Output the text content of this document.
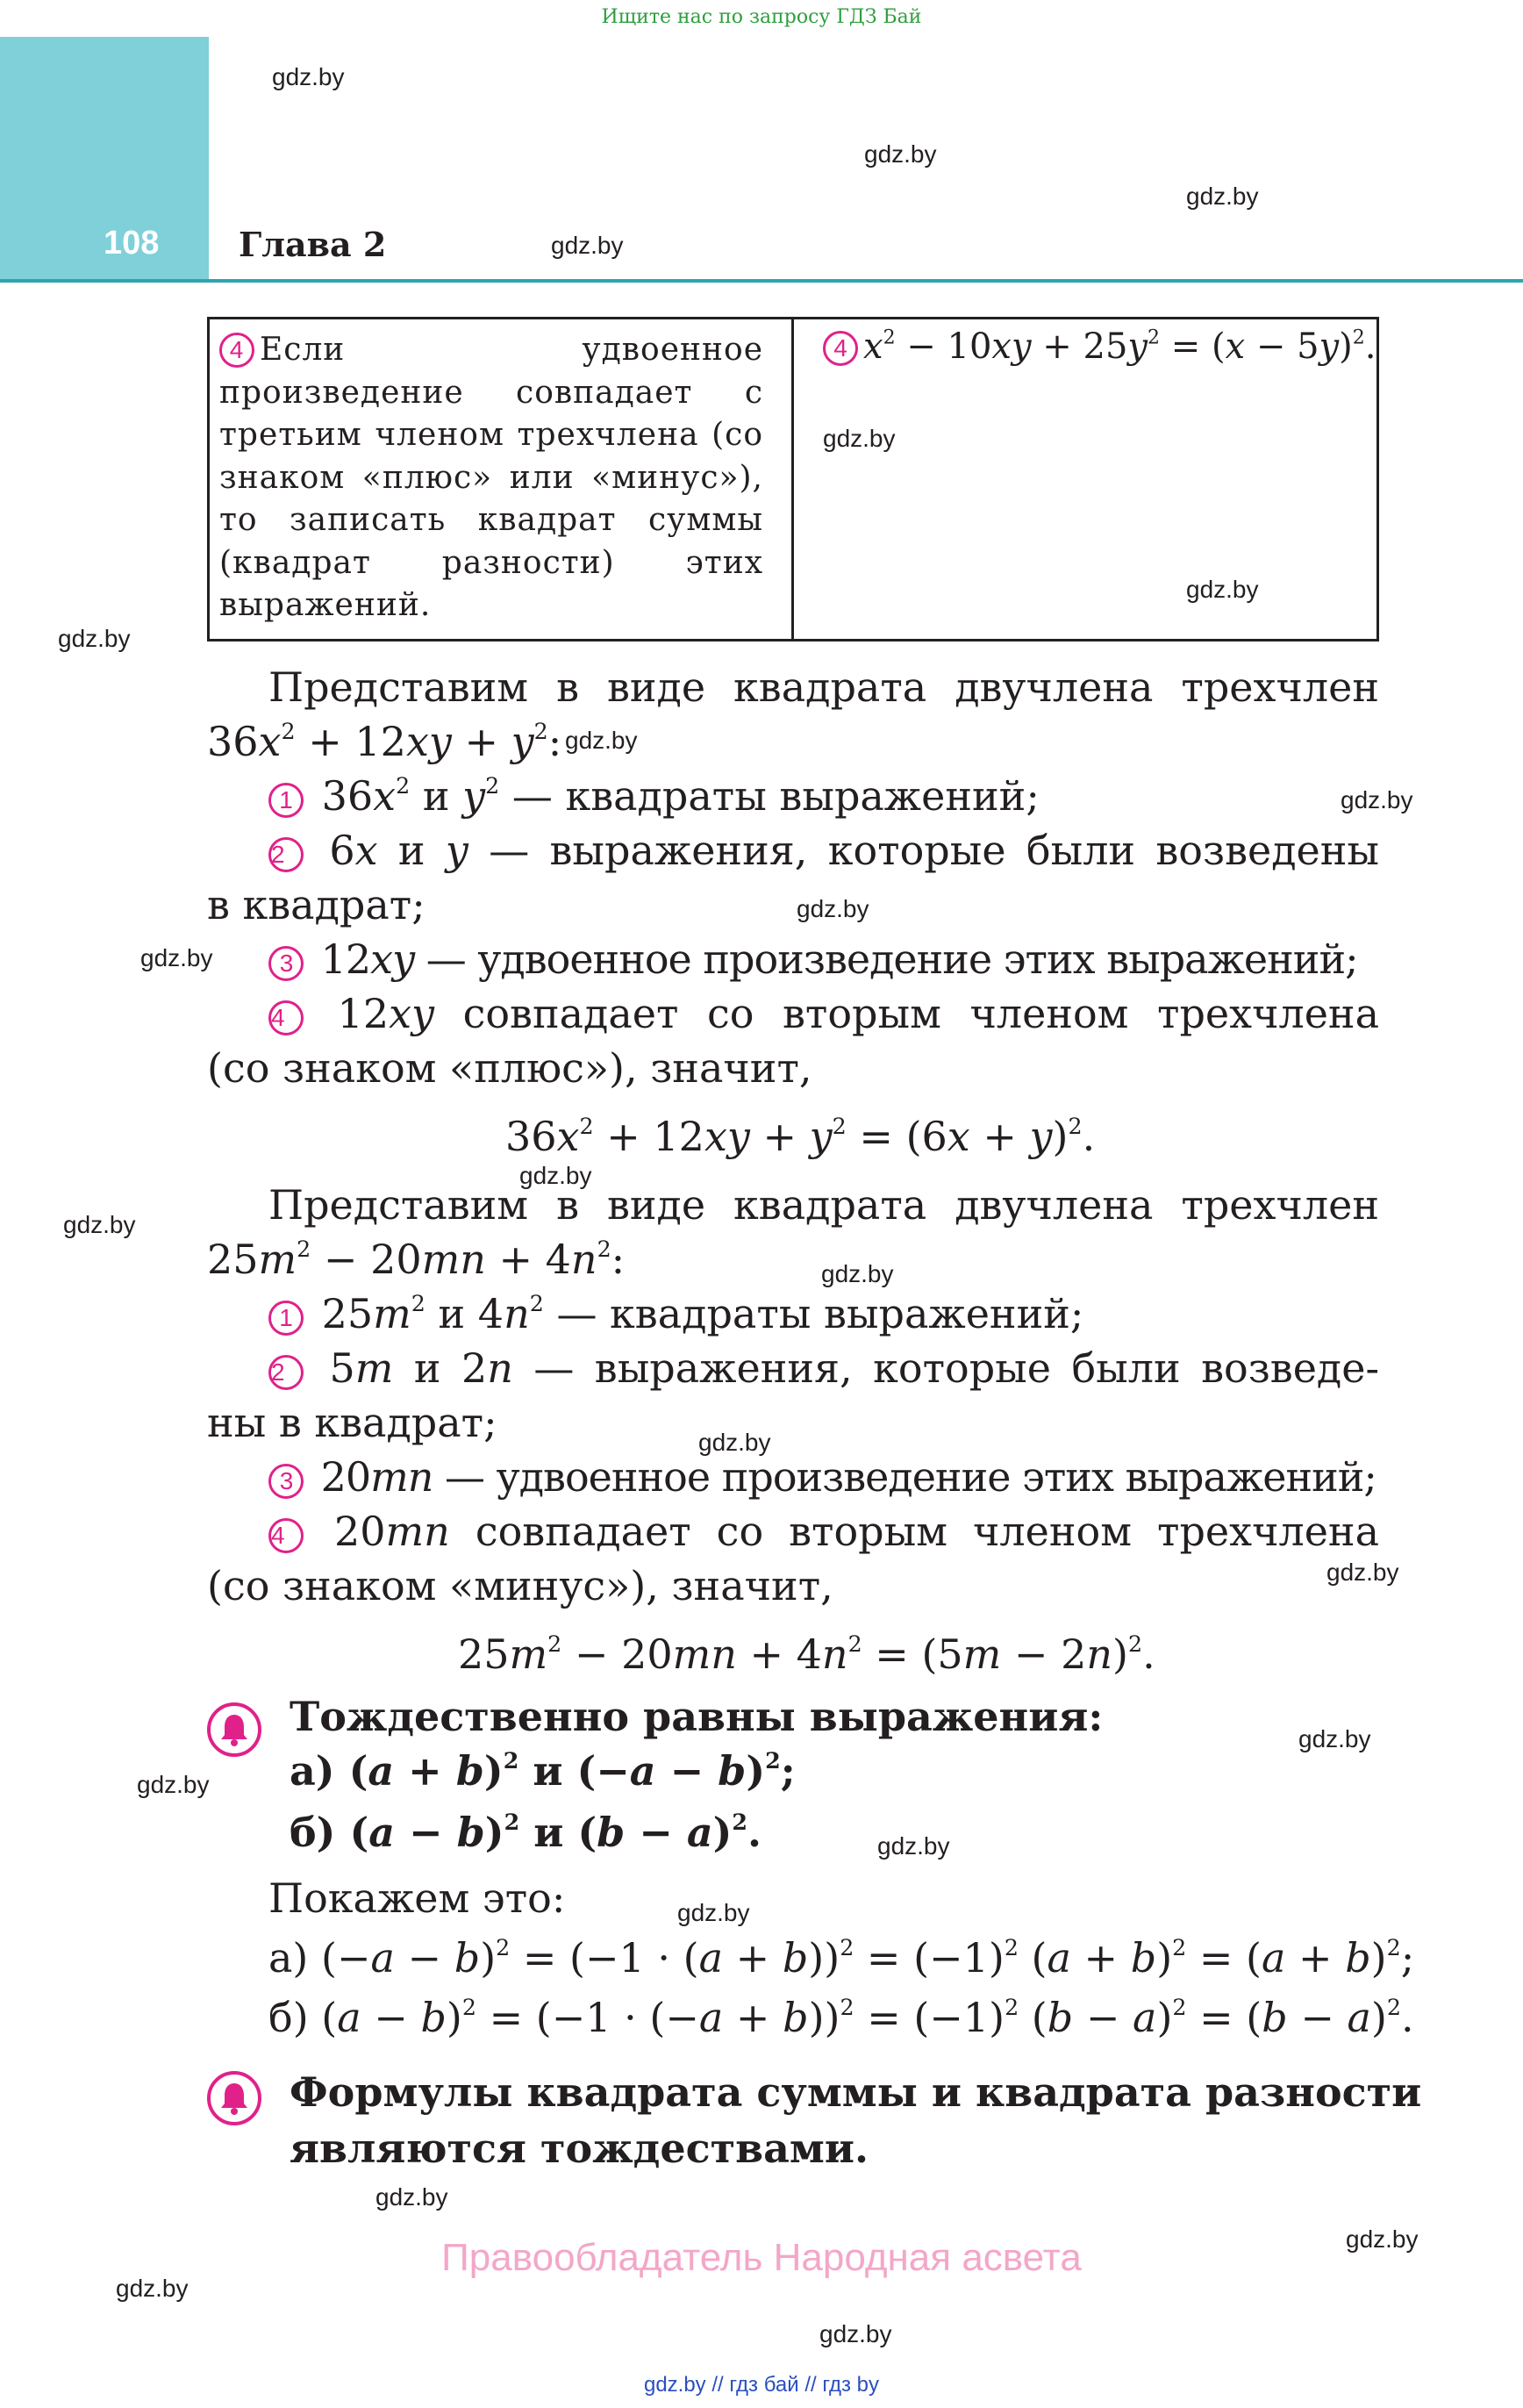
Ищите нас по запросу ГДЗ Бай
108	Глава 2
gdz.by
gdz.by
gdz.by
gdz.by
gdz.by
gdz.by
gdz.by
gdz.by
gdz.by
gdz.by
gdz.by
gdz.by
gdz.by
gdz.by
gdz.by
gdz.by
gdz.by
gdz.by
gdz.by
gdz.by
gdz.by
gdz.by
gdz.by
gdz.by
4 Если удвоенное произведение совпадает с третьим членом трехчлена (со знаком «плюс» или «минус»), то записать квадрат суммы (квадрат разности) этих выражений.
4 $x^2 - 10xy + 25y^2 = (x - 5y)^2$.
Представим в виде квадрата двучлена трехчлен
$36x^2 + 12xy + y^2$:
1 $36x^2$ и $y^2$ — квадраты выражений;
2 6x и y — выражения, которые были возведены
в квадрат;
3 12xy — удвоенное произведение этих выражений;
4 12xy совпадает со вторым членом трехчлена
(со знаком «плюс»), значит,
$36x^2 + 12xy + y^2 = (6x + y)^2$.
Представим в виде квадрата двучлена трехчлен
$25m^2 - 20mn + 4n^2$:
1 $25m^2$ и $4n^2$ — квадраты выражений;
2 5m и 2n — выражения, которые были возведе-
ны в квадрат;
3 20mn — удвоенное произведение этих выражений;
4 20mn совпадает со вторым членом трехчлена
(со знаком «минус»), значит,
$25m^2 - 20mn + 4n^2 = (5m - 2n)^2$.
Тождественно равны выражения:
а) $(a + b)^2$ и $(-a - b)^2$;
б) $(a - b)^2$ и $(b - a)^2$.
Покажем это:
а) $(-a - b)^2 = (-1 \cdot (a + b))^2 = (-1)^2$ $(a + b)^2 = (a + b)^2$;
б) $(a - b)^2 = (-1 \cdot (-a + b))^2 = (-1)^2$ $(b - a)^2 = (b - a)^2$.
Формулы квадрата суммы и квадрата разности
являются тождествами.
Правообладатель Народная асвета
gdz.by // гдз бай // гдз by
